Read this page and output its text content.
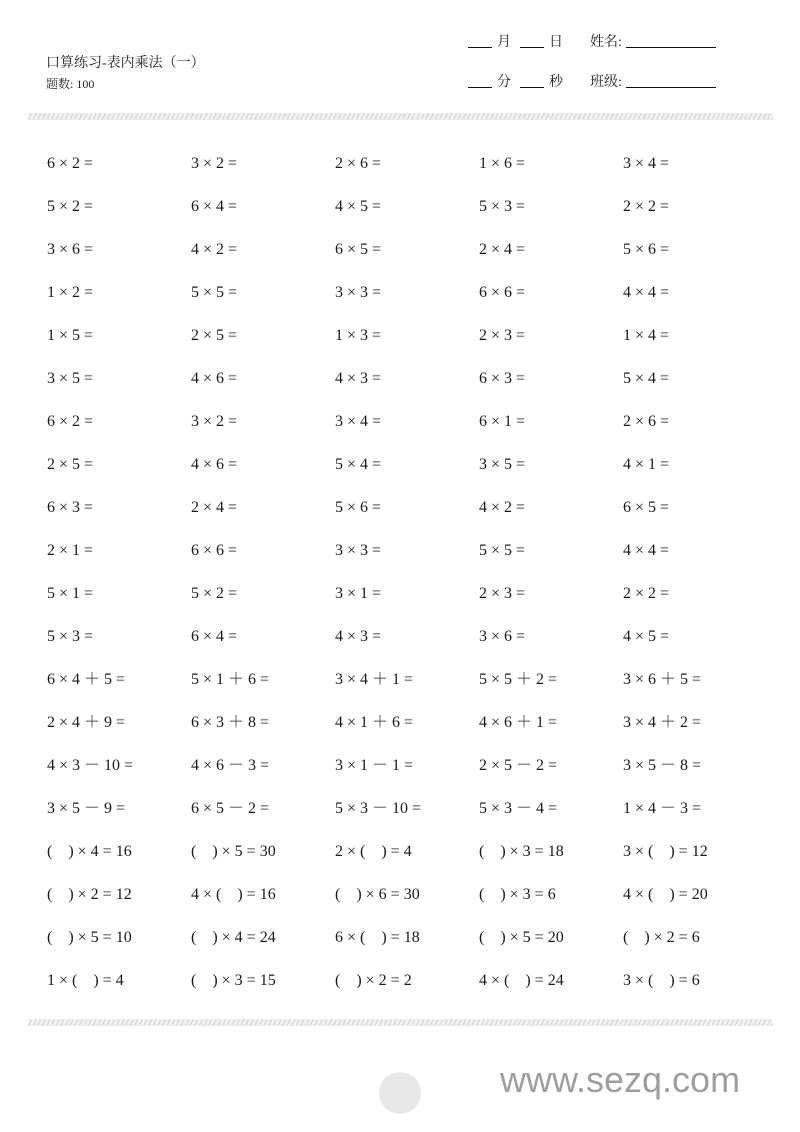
口算练习-表内乘法（一）
题数: 100
月	日 姓名:
分	秒 班级:
6 × 2 =	3 × 2 =	2 × 6 =	1 × 6 =	3 × 4 =
5 × 2 =	6 × 4 =	4 × 5 =	5 × 3 =	2 × 2 =
3 × 6 =	4 × 2 =	6 × 5 =	2 × 4 =	5 × 6 =
1 × 2 =	5 × 5 =	3 × 3 =	6 × 6 =	4 × 4 =
1 × 5 =	2 × 5 =	1 × 3 =	2 × 3 =	1 × 4 =
3 × 5 =	4 × 6 =	4 × 3 =	6 × 3 =	5 × 4 =
6 × 2 =	3 × 2 =	3 × 4 =	6 × 1 =	2 × 6 =
2 × 5 =	4 × 6 =	5 × 4 =	3 × 5 =	4 × 1 =
6 × 3 =	2 × 4 =	5 × 6 =	4 × 2 =	6 × 5 =
2 × 1 =	6 × 6 =	3 × 3 =	5 × 5 =	4 × 4 =
5 × 1 =	5 × 2 =	3 × 1 =	2 × 3 =	2 × 2 =
5 × 3 =	6 × 4 =	4 × 3 =	3 × 6 =	4 × 5 =
6 × 4 ＋ 5 =	5 × 1 ＋ 6 =	3 × 4 ＋ 1 =	5 × 5 ＋ 2 =	3 × 6 ＋ 5 =
2 × 4 ＋ 9 =	6 × 3 ＋ 8 =	4 × 1 ＋ 6 =	4 × 6 ＋ 1 =	3 × 4 ＋ 2 =
4 × 3 － 10 =	4 × 6 － 3 =	3 × 1 － 1 =	2 × 5 － 2 =	3 × 5 － 8 =
3 × 5 － 9 =	6 × 5 － 2 =	5 × 3 － 10 =	5 × 3 － 4 =	1 × 4 － 3 =
(    ) × 4 = 16	(    ) × 5 = 30	2 × (    ) = 4	(    ) × 3 = 18	3 × (    ) = 12
(    ) × 2 = 12	4 × (    ) = 16	(    ) × 6 = 30	(    ) × 3 = 6	4 × (    ) = 20
(    ) × 5 = 10	(    ) × 4 = 24	6 × (    ) = 18	(    ) × 5 = 20	(    ) × 2 = 6
1 × (    ) = 4	(    ) × 3 = 15	(    ) × 2 = 2	4 × (    ) = 24	3 × (    ) = 6
www.sezq.com
